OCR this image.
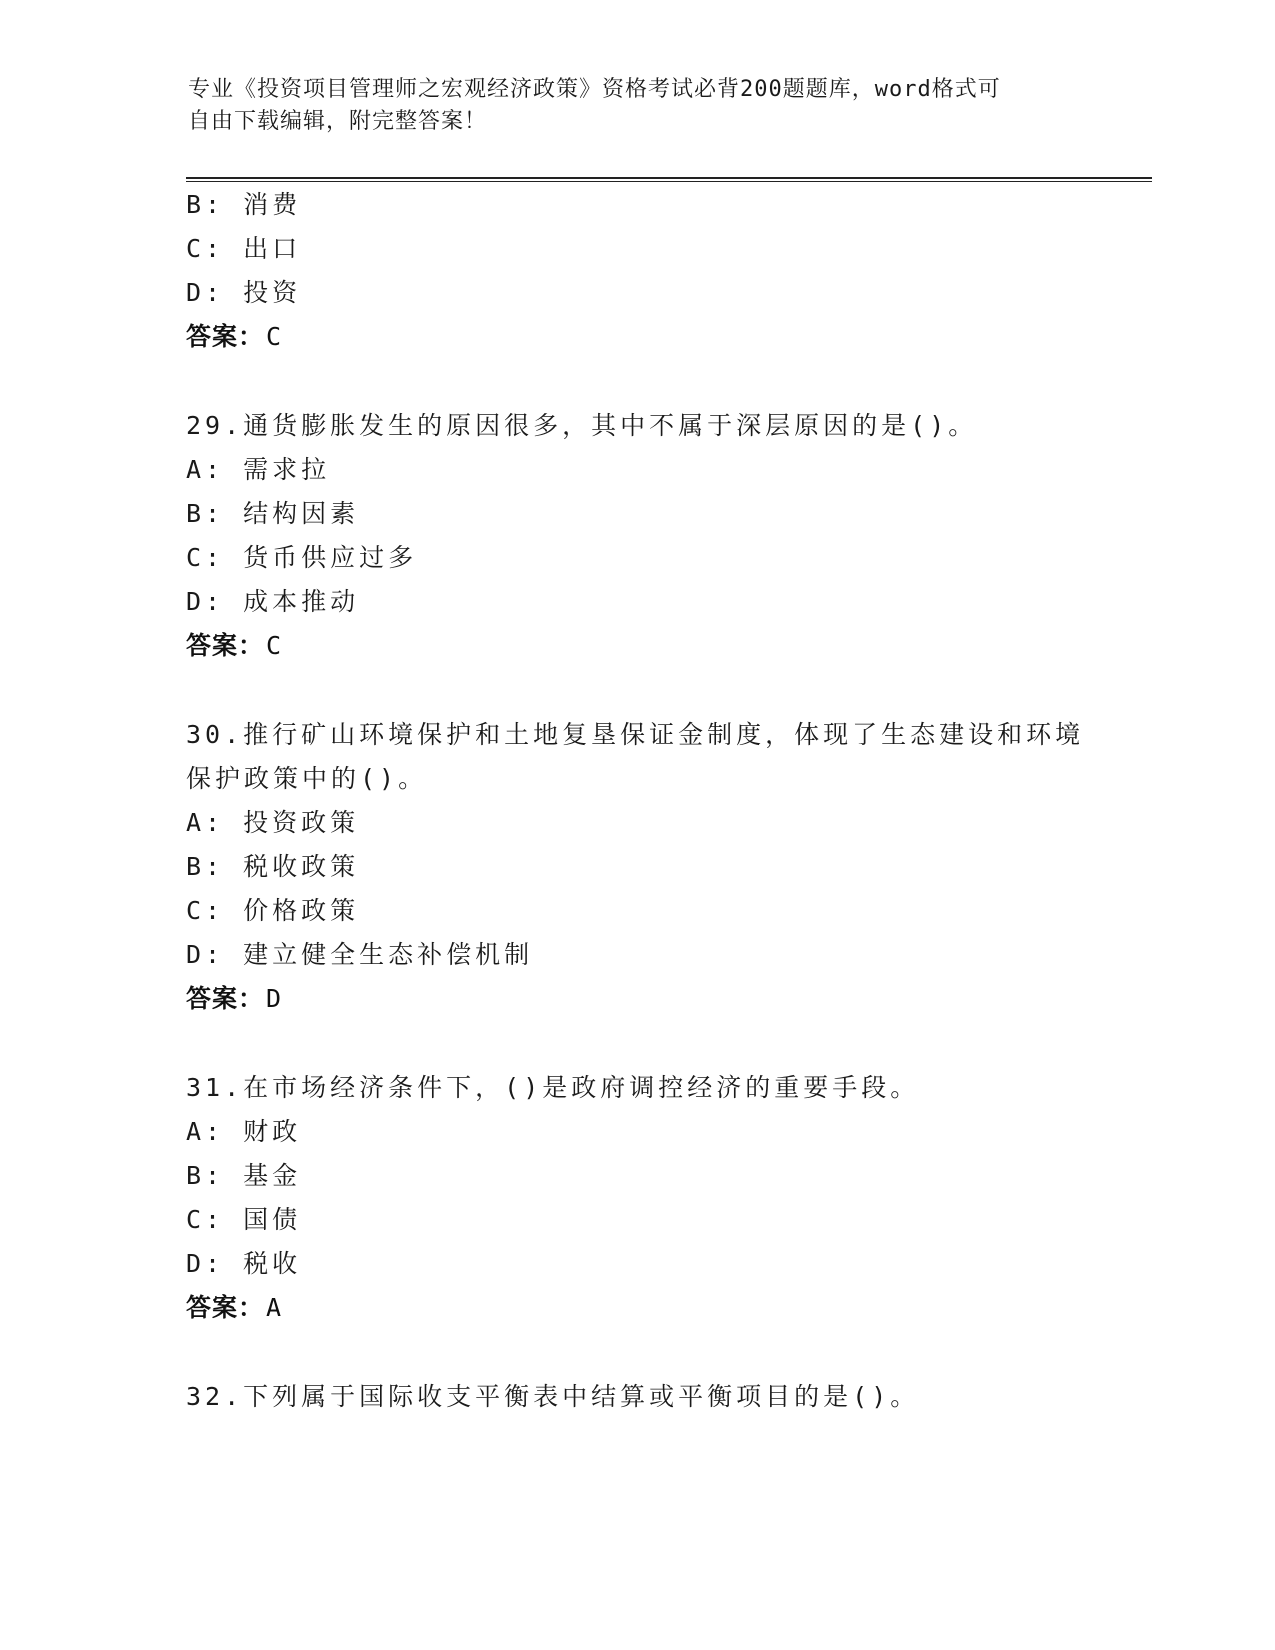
专业《投资项目管理师之宏观经济政策》资格考试必背200题题库，word格式可
自由下载编辑，附完整答案！
B: 消费
C: 出口
D: 投资
答案：C
29.通货膨胀发生的原因很多，其中不属于深层原因的是()。
A: 需求拉
B: 结构因素
C: 货币供应过多
D: 成本推动
答案：C
30.推行矿山环境保护和土地复垦保证金制度，体现了生态建设和环境
保护政策中的()。
A: 投资政策
B: 税收政策
C: 价格政策
D: 建立健全生态补偿机制
答案：D
31.在市场经济条件下，()是政府调控经济的重要手段。
A: 财政
B: 基金
C: 国债
D: 税收
答案：A
32.下列属于国际收支平衡表中结算或平衡项目的是()。
